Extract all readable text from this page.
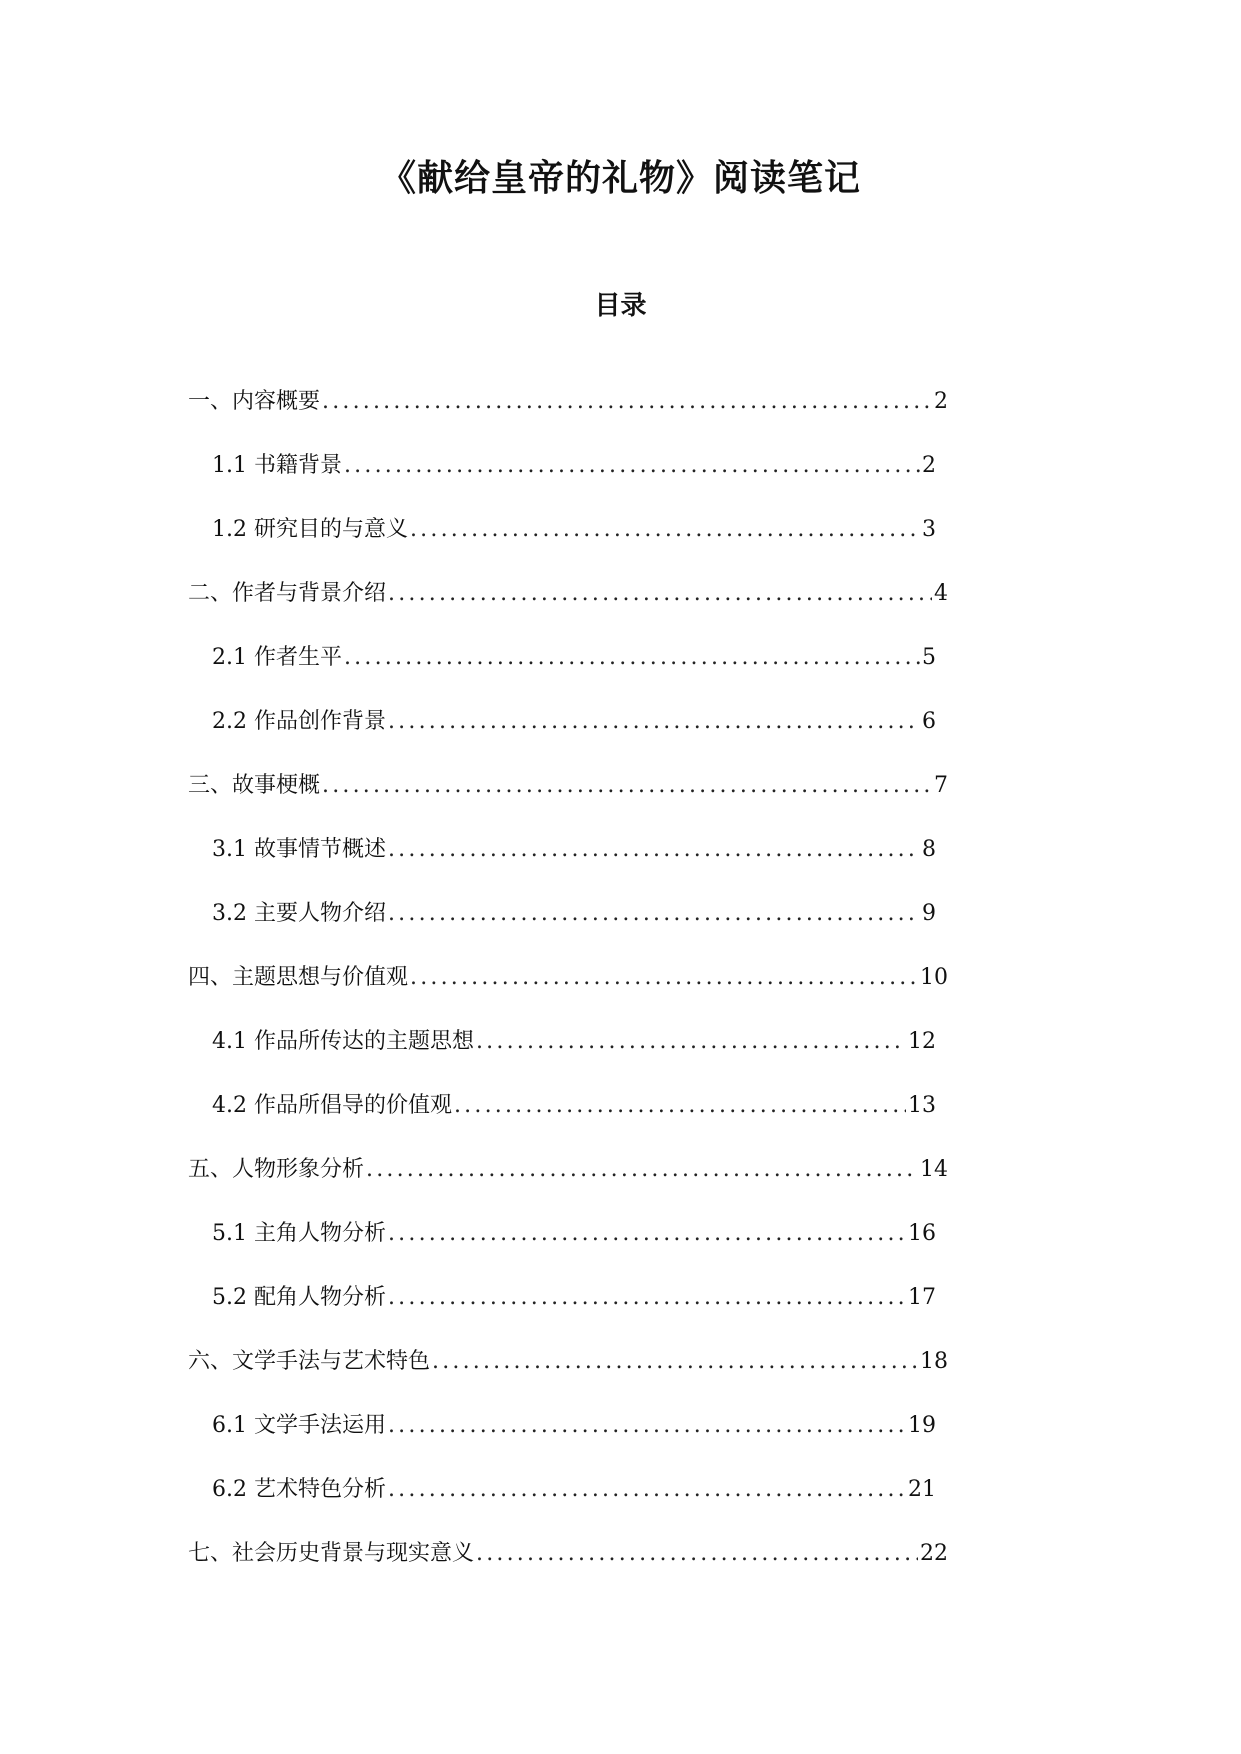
《献给皇帝的礼物》阅读笔记
目录
一、内容概要 .....	2
1.1 书籍背景 .....	2
1.2 研究目的与意义 .....	3
二、作者与背景介绍 .....	4
2.1 作者生平 .....	5
2.2 作品创作背景 .....	6
三、故事梗概 .....	7
3.1 故事情节概述 .....	8
3.2 主要人物介绍 .....	9
四、主题思想与价值观 .....	10
4.1 作品所传达的主题思想 .....	12
4.2 作品所倡导的价值观 .....	13
五、人物形象分析 .....	14
5.1 主角人物分析 .....	16
5.2 配角人物分析 .....	17
六、文学手法与艺术特色 .....	18
6.1 文学手法运用 .....	19
6.2 艺术特色分析 .....	21
七、社会历史背景与现实意义 .....	22
